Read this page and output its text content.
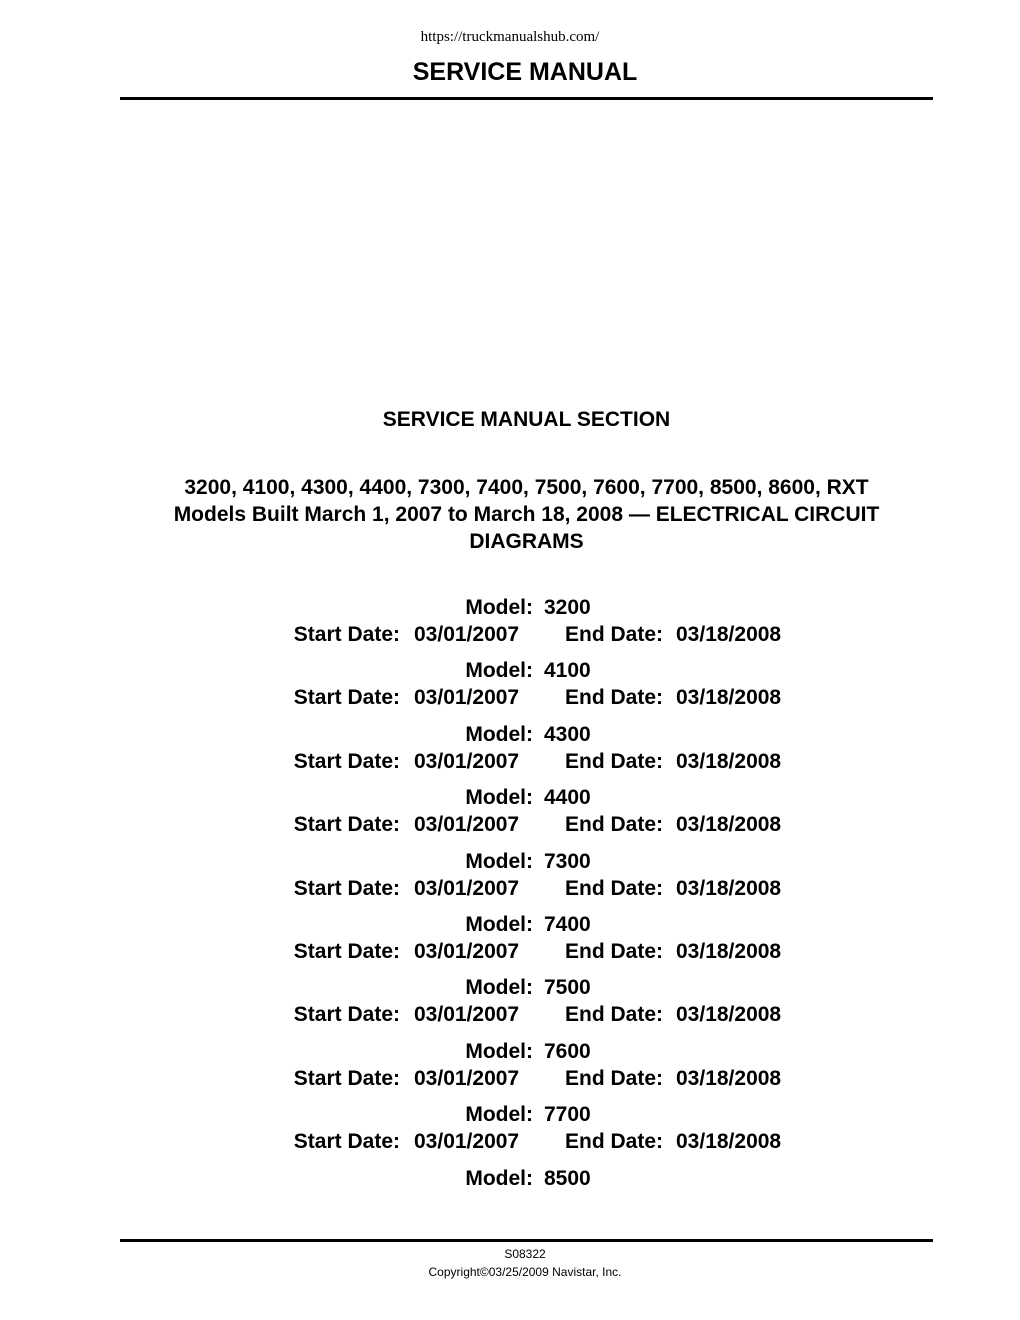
https://truckmanualshub.com/
SERVICE MANUAL
SERVICE MANUAL SECTION
3200, 4100, 4300, 4400, 7300, 7400, 7500, 7600, 7700, 8500, 8600, RXT
Models Built March 1, 2007 to March 18, 2008 — ELECTRICAL CIRCUIT
DIAGRAMS
Model: 3200
Start Date: 03/01/2007 End Date: 03/18/2008
Model: 4100
Start Date: 03/01/2007 End Date: 03/18/2008
Model: 4300
Start Date: 03/01/2007 End Date: 03/18/2008
Model: 4400
Start Date: 03/01/2007 End Date: 03/18/2008
Model: 7300
Start Date: 03/01/2007 End Date: 03/18/2008
Model: 7400
Start Date: 03/01/2007 End Date: 03/18/2008
Model: 7500
Start Date: 03/01/2007 End Date: 03/18/2008
Model: 7600
Start Date: 03/01/2007 End Date: 03/18/2008
Model: 7700
Start Date: 03/01/2007 End Date: 03/18/2008
Model: 8500
S08322
Copyright©03/25/2009 Navistar, Inc.
